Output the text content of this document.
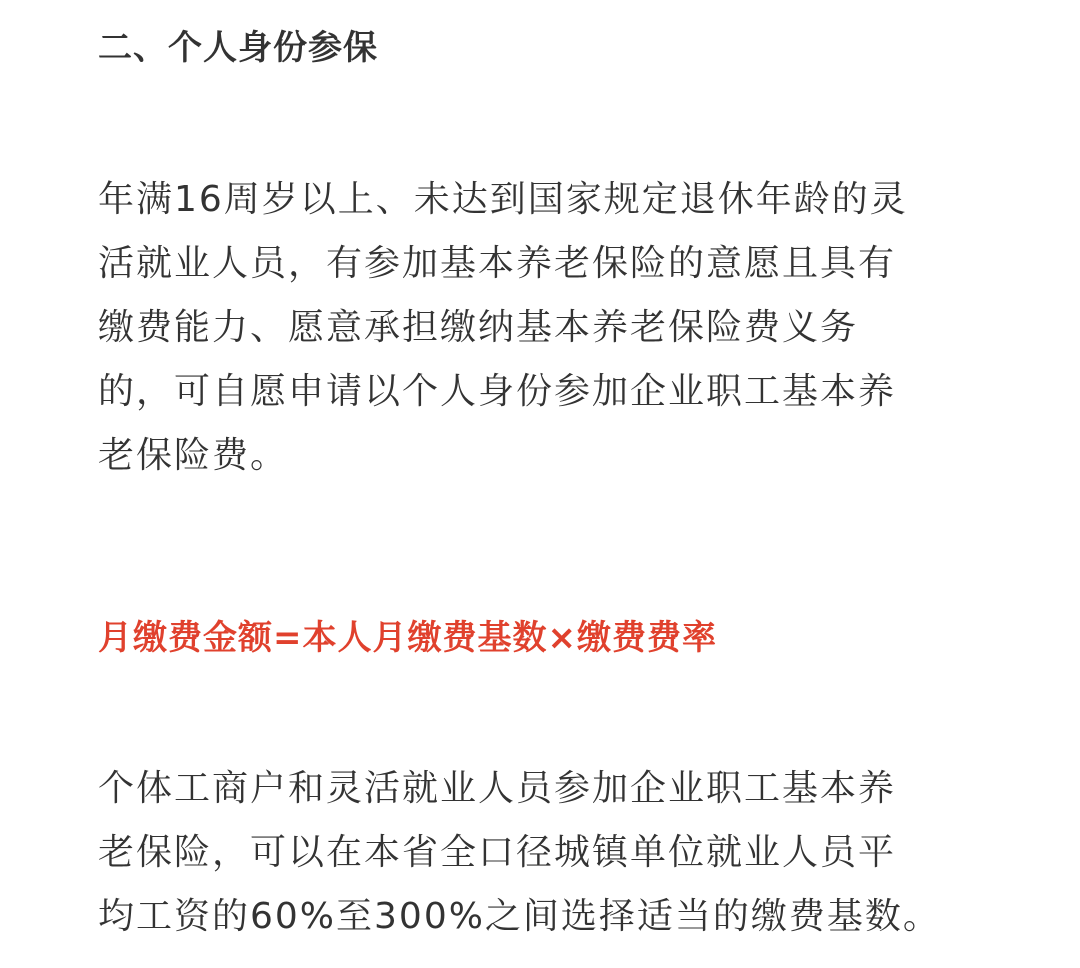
二、个人身份参保
年满16周岁以上、未达到国家规定退休年龄的灵
活就业人员，有参加基本养老保险的意愿且具有
缴费能力、愿意承担缴纳基本养老保险费义务
的，可自愿申请以个人身份参加企业职工基本养
老保险费。
月缴费金额=本人月缴费基数×缴费费率
个体工商户和灵活就业人员参加企业职工基本养
老保险，可以在本省全口径城镇单位就业人员平
均工资的60%至300%之间选择适当的缴费基数。
